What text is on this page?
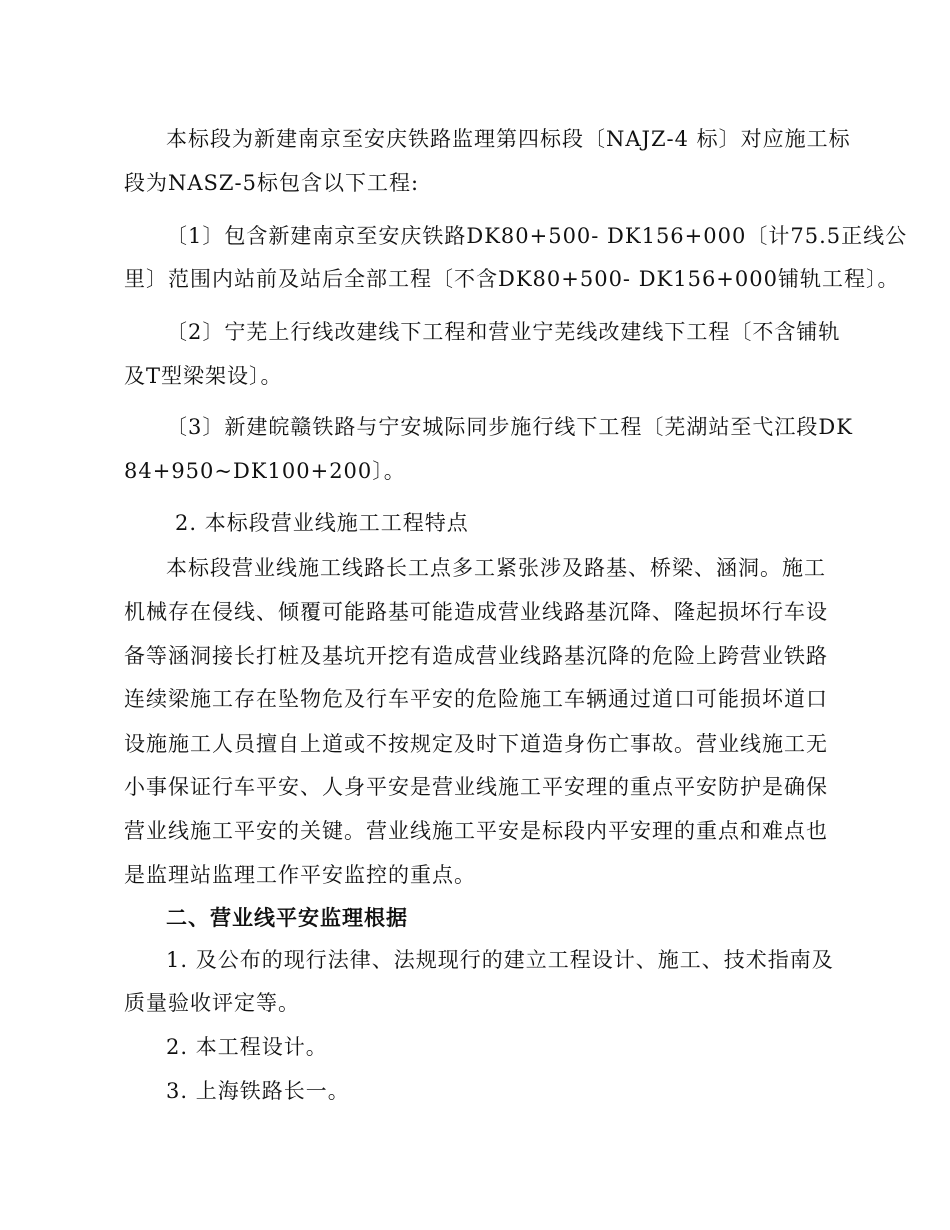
本标段为新建南京至安庆铁路监理第四标段〔NAJZ-4 标〕对应施工标
段为NASZ-5标包含以下工程:
〔1〕包含新建南京至安庆铁路DK80+500- DK156+000〔计75.5正线公
里〕范围内站前及站后全部工程〔不含DK80+500- DK156+000铺轨工程〕。
〔2〕宁芜上行线改建线下工程和营业宁芜线改建线下工程〔不含铺轨
及T型梁架设〕。
〔3〕新建皖赣铁路与宁安城际同步施行线下工程〔芜湖站至弋江段DK
84+950~DK100+200〕。
2. 本标段营业线施工工程特点
本标段营业线施工线路长工点多工紧张涉及路基、桥梁、涵洞。施工
机械存在侵线、倾覆可能路基可能造成营业线路基沉降、隆起损坏行车设
备等涵洞接长打桩及基坑开挖有造成营业线路基沉降的危险上跨营业铁路
连续梁施工存在坠物危及行车平安的危险施工车辆通过道口可能损坏道口
设施施工人员擅自上道或不按规定及时下道造身伤亡事故。营业线施工无
小事保证行车平安、人身平安是营业线施工平安理的重点平安防护是确保
营业线施工平安的关键。营业线施工平安是标段内平安理的重点和难点也
是监理站监理工作平安监控的重点。
二、营业线平安监理根据
1. 及公布的现行法律、法规现行的建立工程设计、施工、技术指南及
质量验收评定等。
2. 本工程设计。
3. 上海铁路长一。
